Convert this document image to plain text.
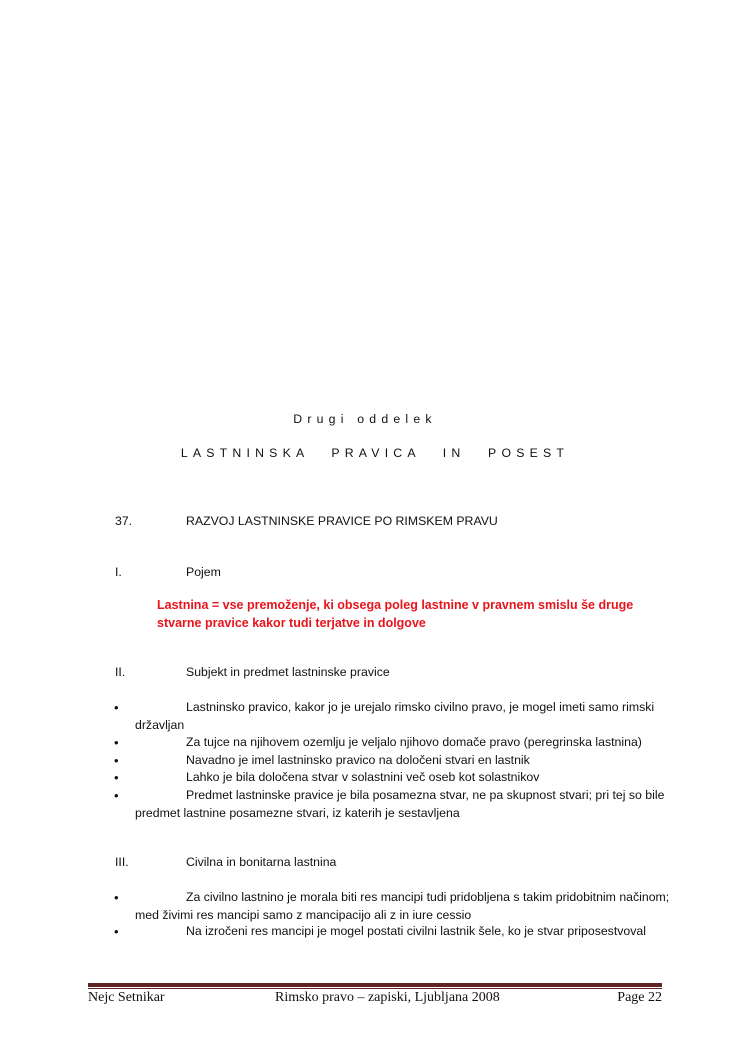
Drugi oddelek
LASTNINSKA PRAVICA IN POSEST
37.	RAZVOJ LASTNINSKE PRAVICE PO RIMSKEM PRAVU
I.	Pojem
Lastnina = vse premoženje, ki obsega poleg lastnine v pravnem smislu še druge stvarne pravice kakor tudi terjatve in dolgove
II.	Subjekt in predmet lastninske pravice
•	Lastninsko pravico, kakor jo je urejalo rimsko civilno pravo, je mogel imeti samo rimski državljan
•	Za tujce na njihovem ozemlju je veljalo njihovo domače pravo (peregrinska lastnina)
•	Navadno je imel lastninsko pravico na določeni stvari en lastnik
•	Lahko je bila določena stvar v solastnini več oseb kot solastnikov
•	Predmet lastninske pravice je bila posamezna stvar, ne pa skupnost stvari; pri tej so bile predmet lastnine posamezne stvari, iz katerih je sestavljena
III.	Civilna in bonitarna lastnina
•	Za civilno lastnino je morala biti res mancipi tudi pridobljena s takim pridobitnim načinom; med živimi res mancipi samo z mancipacijo ali z in iure cessio
•	Na izročeni res mancipi je mogel postati civilni lastnik šele, ko je stvar priposestvoval
Nejc Setnikar	Rimsko pravo – zapiski, Ljubljana 2008	Page 22
